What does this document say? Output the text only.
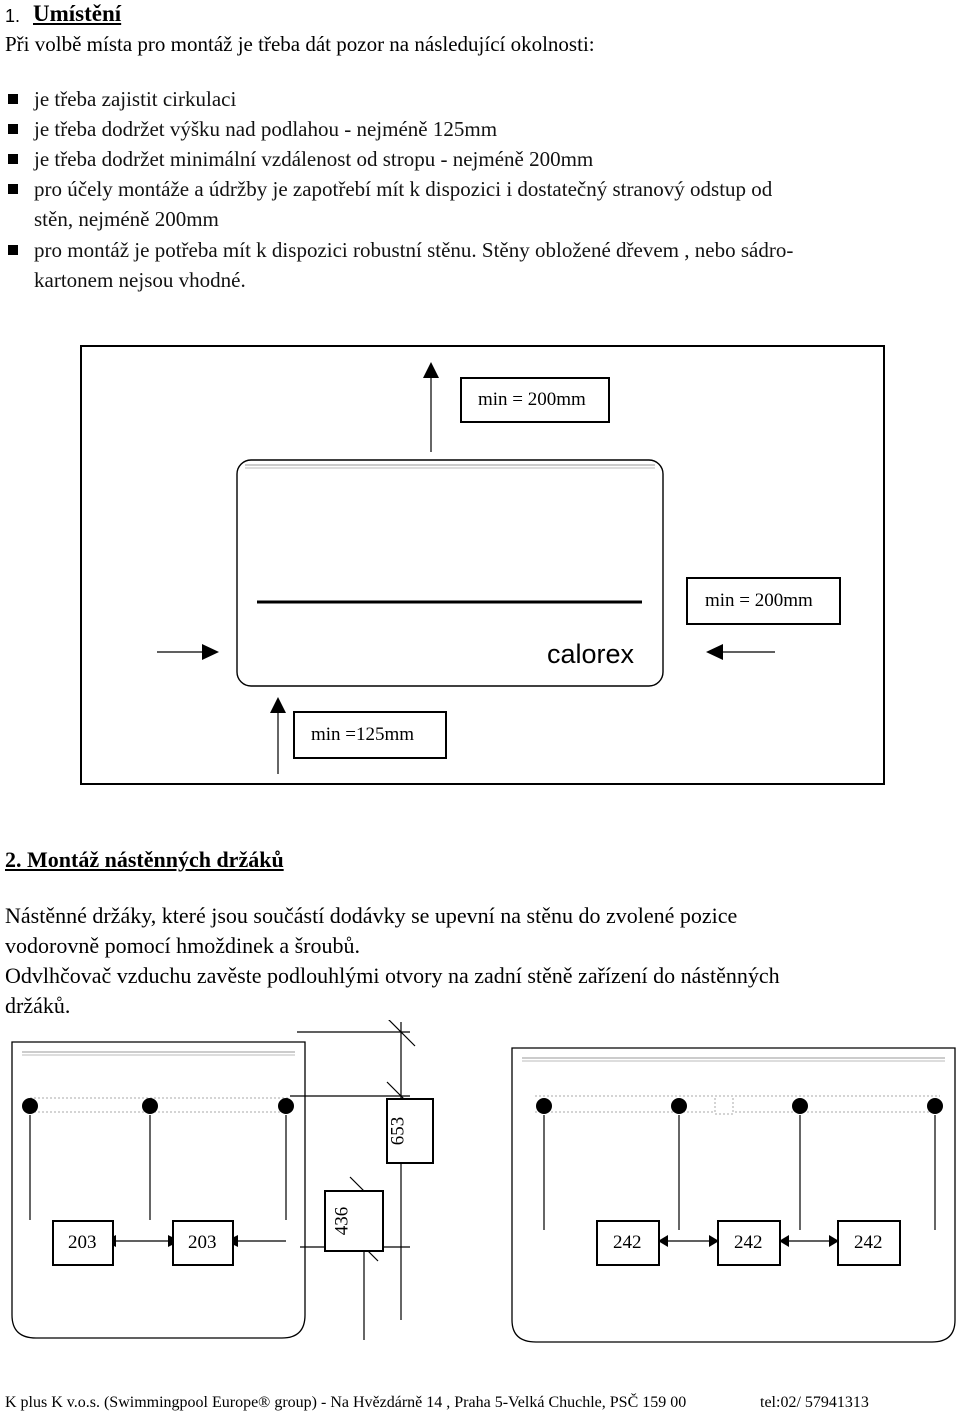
1. Umístění
Při volbě místa pro montáž je třeba dát pozor na následující okolnosti:
je třeba zajistit cirkulaci
je třeba dodržet výšku nad podlahou - nejméně 125mm
je třeba dodržet minimální vzdálenost od stropu - nejméně 200mm
pro účely montáže a údržby je zapotřebí mít k dispozici i dostatečný stranový odstup od
stěn, nejméně 200mm
pro montáž je potřeba mít k dispozici robustní stěnu. Stěny obložené dřevem , nebo sádro-
kartonem nejsou vhodné.
min = 200mm
min = 200mm
calorex
min =125mm
2. Montáž nástěnných držáků
Nástěnné držáky, které jsou součástí dodávky se upevní na stěnu do zvolené pozice
vodorovně pomocí hmoždinek a šroubů.
Odvlhčovač vzduchu zavěste podlouhlými otvory na zadní stěně zařízení do nástěnných
držáků.
203	203
653
436
242	242	242
K plus K v.o.s. (Swimmingpool Europe® group) - Na Hvězdárně 14 , Praha 5-Velká Chuchle, PSČ 159 00	tel:02/ 57941313
